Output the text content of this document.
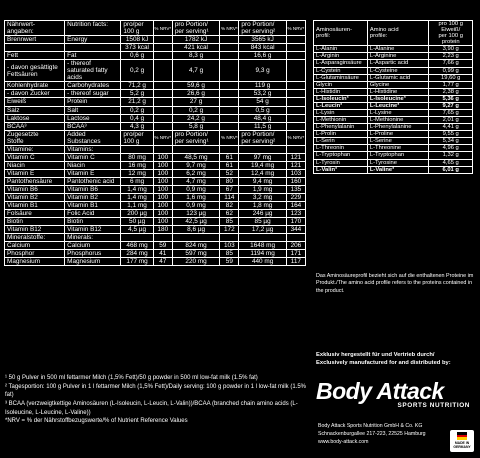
Nährwert-
angaben:	Nutrition facts:	pro/per
100 g	% NRV*	pro Portion/
per serving¹	% NRV*	pro Portion/
per serving²	% NRV*
Brennwert	Energy	1508 kJ		1782 kJ		3565 kJ	
		373 kcal		421 kcal		843 kcal	
Fett	Fat	0,6 g		8,3 g		16,6 g	
- davon gesättigte
Fettsäuren	- thereof
saturated fatty
acids	0,2 g		4,7 g		9,3 g	
Kohlenhydrate	Carbohydrates	71,2 g		59,6 g		119 g	
- davon Zucker	- thereof sugar	5,2 g		26,6 g		53,2 g	
Eiweiß	Protein	21,2 g		27 g		54 g	
Salz	Salt	0,2 g		0,2 g		0,5 g	
Laktose	Lactose	0,4 g		24,2 g		48,4 g	
BCAA³	BCAA³	4,3 g		5,8 g		11,5 g	
Zugesetzte
Stoffe	Added
Substances	pro/per
100 g	% NRV*	pro Portion/
per serving¹	% NRV*	pro Portion/
per serving²	% NRV*
Vitamine:	Vitamins:						
Vitamin C	Vitamin C	80 mg	100	48,5 mg	61	97 mg	121
Niacin	Niacin	16 mg	100	9,7 mg	61	19,4 mg	121
Vitamin E	Vitamin E	12 mg	100	6,2 mg	52	12,4 mg	103
Pantothensäure	Pantothenic acid	6 mg	100	4,7 mg	80	9,4 mg	160
Vitamin B6	Vitamin B6	1,4 mg	100	0,9 mg	67	1,9 mg	135
Vitamin B2	Vitamin B2	1,4 mg	100	1,6 mg	114	3,2 mg	229
Vitamin B1	Vitamin B1	1,1 mg	100	0,9 mg	82	1,8 mg	164
Folsäure	Folic Acid	200 µg	100	123 µg	62	246 µg	123
Biotin	Biotin	50 µg	100	42,5 µg	85	85 µg	170
Vitamin B12	Vitamin B12	4,5 µg	180	8,6 µg	172	17,2 µg	344
Mineralstoffe:	Minerals:						
Calcium	Calcium	468 mg	59	824 mg	103	1648 mg	206
Phosphor	Phosphorus	284 mg	41	597 mg	85	1194 mg	171
Magnesium	Magnesium	177 mg	47	220 mg	59	440 mg	117
Aminosäuren-
profil:	Amino acid
profile:	pro 100 g
Eiweiß/
per 100 g
protein
L-Alanin	L-Alanine	3,90 g
L-Arginin	L-Arginine	2,23 g
L-Asparaginsäure	L-Aspartic acid	7,66 g
L-Cystein	L-Cysteine	0,99 g
L-Glutaminsäure	L-Glutamic acid	19,60 g
Glycin	Glycine	1,77 g
L-Histidin	L-Histidine	2,38 g
L-Isoleucin³	L-Isoleucine³	5,36 g
L-Leucin³	L-Leucine³	9,27 g
L-Lysin	L-Lysine	7,65 g
L-Methionin	L-Methionine	2,01 g
L-Phenylalanin	L-Phenylalanine	4,41 g
L-Prolin	L-Proline	9,55 g
L-Serin	L-Serine	5,34 g
L-Threonin	L-Threonine	4,96 g
L-Tryptophan	L-Tryptophan	1,32 g
L-Tyrosin	L-Tyrosine	4,65 g
L-Valin³	L-Valine³	6,01 g

Das Aminosäureprofil bezieht sich auf die enthaltenen Proteine im Produkt./The amino acid profile refers to the proteins contained in the product.

¹ 50 g Pulver in 500 ml fettarmer Milch (1,5% Fett)/50 g powder in 500 ml low-fat milk (1.5% fat)
² Tagesportion: 100 g Pulver in 1 l fettarmer Milch (1,5% Fett)/Daily serving: 100 g powder in 1 l low-fat milk (1.5% fat)
³ BCAA (verzweigtkettige Aminosäuren (L-Isoleucin, L-Leucin, L-Valin))/BCAA (branched chain amino acids (L-Isoleucine, L-Leucine, L-Valine))
*NRV = % der Nährstoffbezugswerte/% of Nutrient Reference Values
Exklusiv hergestellt für und Vertrieb durch/
Exclusively manufactured for and distributed by:
Body Attack
SPORTS NUTRITION
Body Attack Sports Nutrition GmbH & Co. KG
Schnackenburgallee 217-223, 22525 Hamburg
www.body-attack.com	MADE IN
GERMANY
